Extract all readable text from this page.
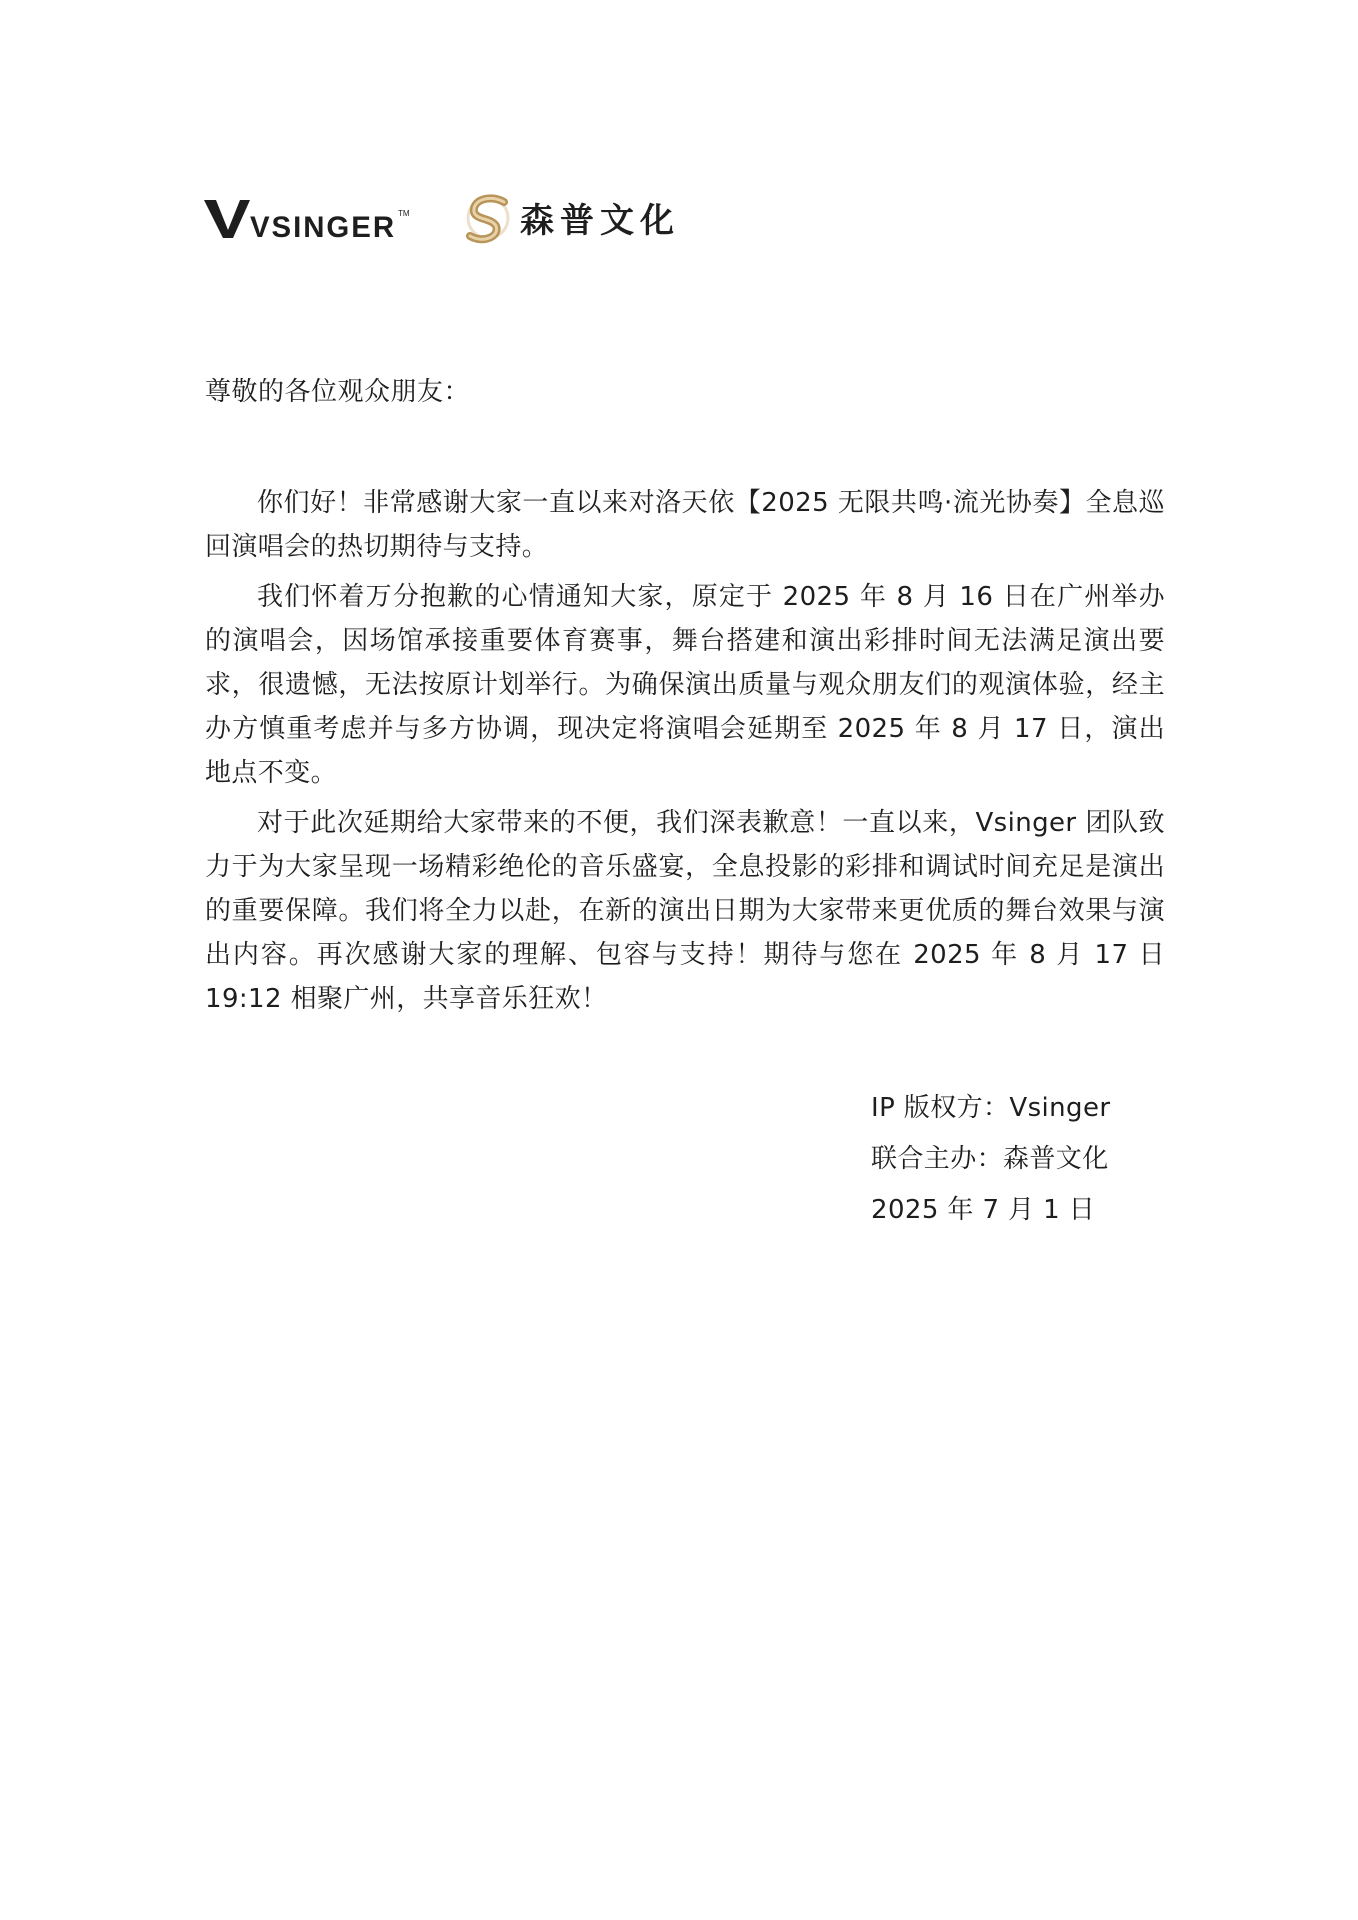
VSINGER TM	森普文化

尊敬的各位观众朋友：

你们好！非常感谢大家一直以来对洛天依【2025 无限共鸣·流光协奏】全息巡回演唱会的热切期待与支持。

我们怀着万分抱歉的心情通知大家，原定于 2025 年 8 月 16 日在广州举办的演唱会，因场馆承接重要体育赛事，舞台搭建和演出彩排时间无法满足演出要求，很遗憾，无法按原计划举行。为确保演出质量与观众朋友们的观演体验，经主办方慎重考虑并与多方协调，现决定将演唱会延期至 2025 年 8 月 17 日，演出地点不变。

对于此次延期给大家带来的不便，我们深表歉意！一直以来，Vsinger 团队致力于为大家呈现一场精彩绝伦的音乐盛宴，全息投影的彩排和调试时间充足是演出的重要保障。我们将全力以赴，在新的演出日期为大家带来更优质的舞台效果与演出内容。再次感谢大家的理解、包容与支持！期待与您在 2025 年 8 月 17 日 19:12 相聚广州，共享音乐狂欢！

IP 版权方：Vsinger
联合主办：森普文化
2025 年 7 月 1 日
